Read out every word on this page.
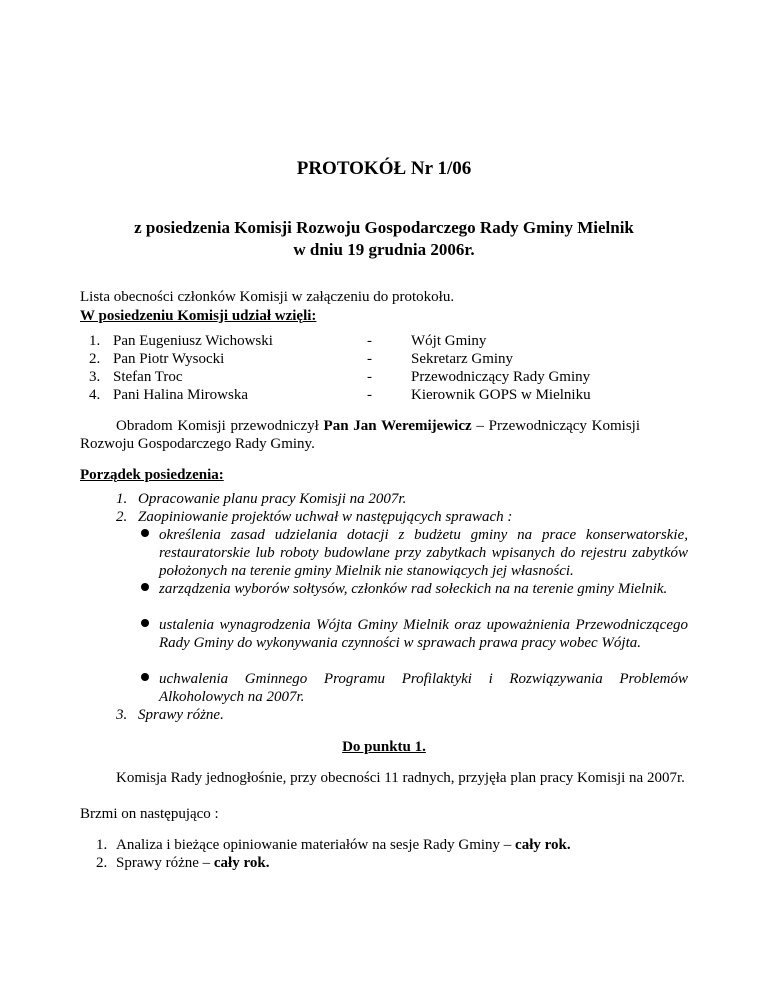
PROTOKÓŁ Nr 1/06
z posiedzenia Komisji Rozwoju Gospodarczego Rady Gminy Mielnik
w dniu 19 grudnia 2006r.
Lista obecności członków Komisji w załączeniu do protokołu.
W posiedzeniu Komisji udział wzięli:
1. Pan Eugeniusz Wichowski	-	Wójt Gminy
2. Pan Piotr Wysocki	-	Sekretarz Gminy
3. Stefan Troc	-	Przewodniczący Rady Gminy
4. Pani Halina Mirowska	-	Kierownik GOPS w Mielniku
Obradom Komisji przewodniczył Pan Jan Weremijewicz – Przewodniczący Komisji
Rozwoju Gospodarczego Rady Gminy.
Porządek posiedzenia:
1. Opracowanie planu pracy Komisji na 2007r.
2. Zaopiniowanie projektów uchwał w następujących sprawach :
określenia zasad udzielania dotacji z budżetu gminy na prace konserwatorskie, restauratorskie lub roboty budowlane przy zabytkach wpisanych do rejestru zabytków położonych na terenie gminy Mielnik nie stanowiących jej własności.
zarządzenia wyborów sołtysów, członków rad sołeckich na na terenie gminy Mielnik.
ustalenia wynagrodzenia Wójta Gminy Mielnik oraz upoważnienia Przewodniczącego Rady Gminy do wykonywania czynności w sprawach prawa pracy wobec Wójta.
uchwalenia Gminnego Programu Profilaktyki i Rozwiązywania Problemów Alkoholowych na 2007r.
3. Sprawy różne.
Do punktu 1.
Komisja Rady jednogłośnie, przy obecności 11 radnych, przyjęła plan pracy Komisji na 2007r.
Brzmi on następująco :
1. Analiza i bieżące opiniowanie materiałów na sesje Rady Gminy – cały rok.
2. Sprawy różne – cały rok.
